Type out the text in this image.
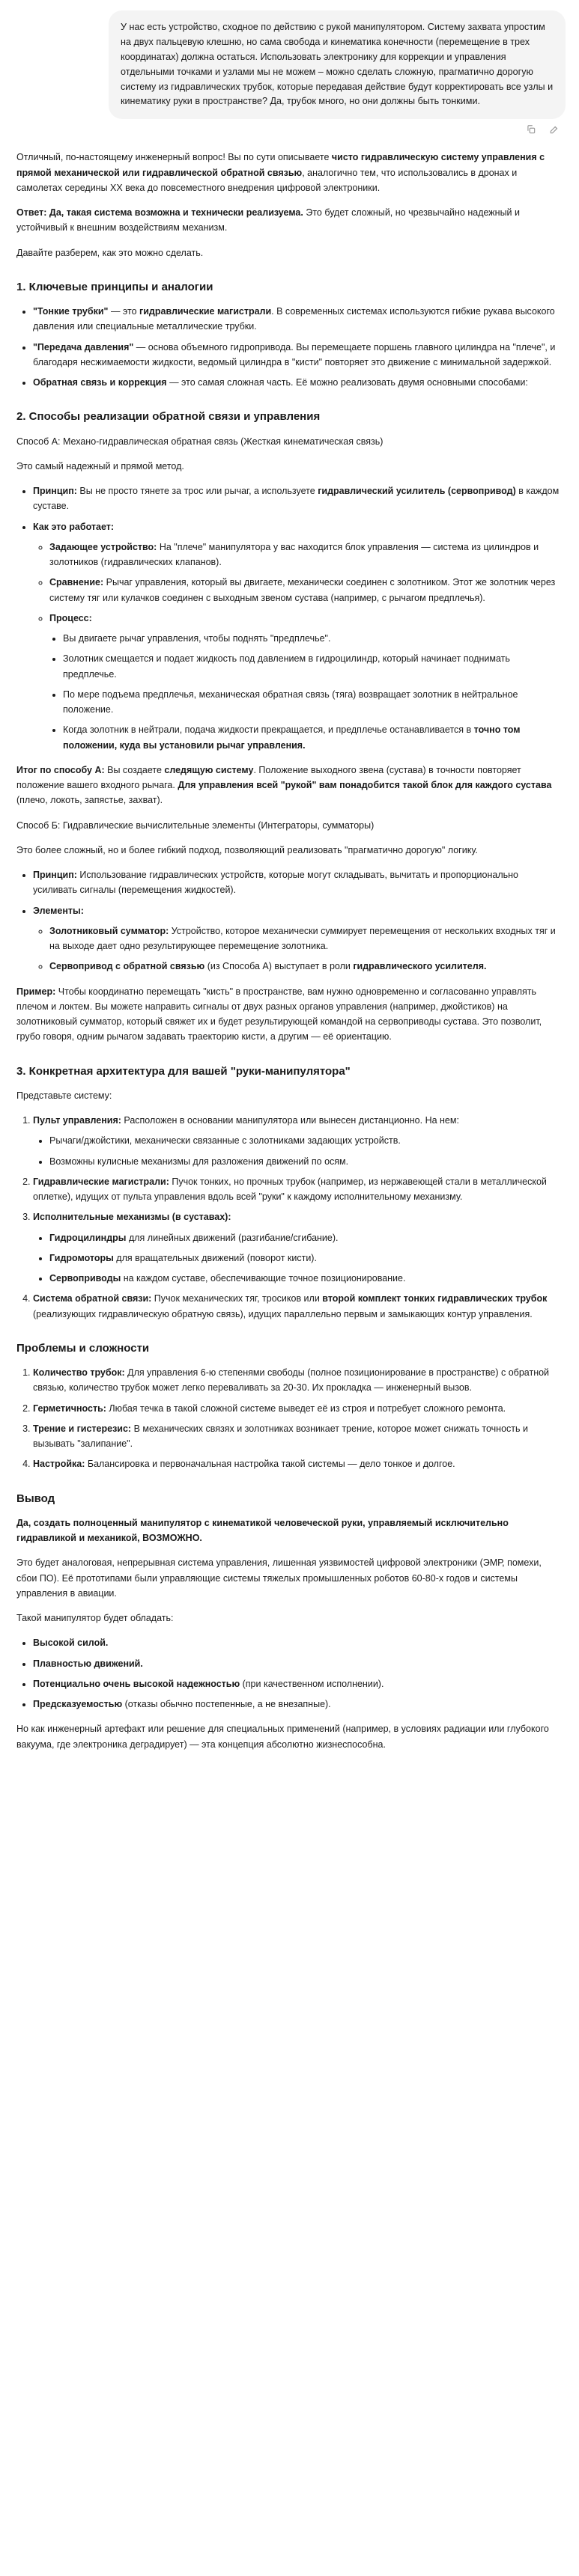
У нас есть устройство, сходное по действию с рукой манипулятором. Систему захвата упростим на двух пальцевую клешню, но сама свобода и кинематика конечности (перемещение в трех координатах) должна остаться. Использовать электронику для коррекции и управления отдельными точками и узлами мы не можем – можно сделать сложную, прагматично дорогую систему из гидравлических трубок, которые передавая действие будут корректировать все узлы и кинематику руки в пространстве? Да, трубок много, но они должны быть тонкими.

Отличный, по-настоящему инженерный вопрос! Вы по сути описываете чисто гидравлическую систему управления с прямой механической или гидравлической обратной связью, аналогично тем, что использовались в дронах и самолетах середины XX века до повсеместного внедрения цифровой электроники.

Ответ: Да, такая система возможна и технически реализуема. Это будет сложный, но чрезвычайно надежный и устойчивый к внешним воздействиям механизм.

Давайте разберем, как это можно сделать.

1. Ключевые принципы и аналогии
• "Тонкие трубки" — это гидравлические магистрали. В современных системах используются гибкие рукава высокого давления или специальные металлические трубки.
• "Передача давления" — основа объемного гидропривода. Вы перемещаете поршень главного цилиндра на "плече", и благодаря несжимаемости жидкости, ведомый цилиндра в "кисти" повторяет это движение с минимальной задержкой.
• Обратная связь и коррекция — это самая сложная часть. Её можно реализовать двумя основными способами:
2. Способы реализации обратной связи и управления

Способ А: Механо-гидравлическая обратная связь (Жесткая кинематическая связь)

Это самый надежный и прямой метод.

• Принцип: Вы не просто тянете за трос или рычаг, а используете гидравлический усилитель (сервопривод) в каждом суставе.
• Как это работает:
◦ Задающее устройство: На "плече" манипулятора у вас находится блок управления — система из цилиндров и золотников (гидравлических клапанов).
◦ Сравнение: Рычаг управления, который вы двигаете, механически соединен с золотником. Этот же золотник через систему тяг или кулачков соединен с выходным звеном сустава (например, с рычагом предплечья).
◦ Процесс:
• Вы двигаете рычаг управления, чтобы поднять "предплечье".
• Золотник смещается и подает жидкость под давлением в гидроцилиндр, который начинает поднимать предплечье.
• По мере подъема предплечья, механическая обратная связь (тяга) возвращает золотник в нейтральное положение.
• Когда золотник в нейтрали, подача жидкости прекращается, и предплечье останавливается в точно том положении, куда вы установили рычаг управления.

Итог по способу А: Вы создаете следящую систему. Положение выходного звена (сустава) в точности повторяет положение вашего входного рычага. Для управления всей "рукой" вам понадобится такой блок для каждого сустава (плечо, локоть, запястье, захват).

Способ Б: Гидравлические вычислительные элементы (Интеграторы, сумматоры)

Это более сложный, но и более гибкий подход, позволяющий реализовать "прагматично дорогую" логику.

• Принцип: Использование гидравлических устройств, которые могут складывать, вычитать и пропорционально усиливать сигналы (перемещения жидкостей).
• Элементы:
◦ Золотниковый сумматор: Устройство, которое механически суммирует перемещения от нескольких входных тяг и на выходе дает одно результирующее перемещение золотника.
◦ Сервопривод с обратной связью (из Способа А) выступает в роли гидравлического усилителя.

Пример: Чтобы координатно перемещать "кисть" в пространстве, вам нужно одновременно и согласованно управлять плечом и локтем. Вы можете направить сигналы от двух разных органов управления (например, джойстиков) на золотниковый сумматор, который свяжет их и будет результирующей командой на сервоприводы сустава. Это позволит, грубо говоря, одним рычагом задавать траекторию кисти, а другим — её ориентацию.

3. Конкретная архитектура для вашей "руки-манипулятора"

Представьте систему:

1. Пульт управления: Расположен в основании манипулятора или вынесен дистанционно. На нем:
• Рычаги/джойстики, механически связанные с золотниками задающих устройств.
• Возможны кулисные механизмы для разложения движений по осям.
2. Гидравлические магистрали: Пучок тонких, но прочных трубок (например, из нержавеющей стали в металлической оплетке), идущих от пульта управления вдоль всей "руки" к каждому исполнительному механизму.
3. Исполнительные механизмы (в суставах):
• Гидроцилиндры для линейных движений (разгибание/сгибание).
• Гидромоторы для вращательных движений (поворот кисти).
• Сервоприводы на каждом суставе, обеспечивающие точное позиционирование.
4. Система обратной связи: Пучок механических тяг, тросиков или второй комплект тонких гидравлических трубок (реализующих гидравлическую обратную связь), идущих параллельно первым и замыкающих контур управления.
Проблемы и сложности
1. Количество трубок: Для управления 6-ю степенями свободы (полное позиционирование в пространстве) с обратной связью, количество трубок может легко переваливать за 20-30. Их прокладка — инженерный вызов.
2. Герметичность: Любая течка в такой сложной системе выведет её из строя и потребует сложного ремонта.
3. Трение и гистерезис: В механических связях и золотниках возникает трение, которое может снижать точность и вызывать "залипание".
4. Настройка: Балансировка и первоначальная настройка такой системы — дело тонкое и долгое.
Вывод

Да, создать полноценный манипулятор с кинематикой человеческой руки, управляемый исключительно гидравликой и механикой, ВОЗМОЖНО.

Это будет аналоговая, непрерывная система управления, лишенная уязвимостей цифровой электроники (ЭМР, помехи, сбои ПО). Её прототипами были управляющие системы тяжелых промышленных роботов 60-80-х годов и системы управления в авиации.

Такой манипулятор будет обладать:

• Высокой силой.
• Плавностью движений.
• Потенциально очень высокой надежностью (при качественном исполнении).
• Предсказуемостью (отказы обычно постепенные, а не внезапные).

Но как инженерный артефакт или решение для специальных применений (например, в условиях радиации или глубокого вакуума, где электроника деградирует) — эта концепция абсолютно жизнеспособна.
